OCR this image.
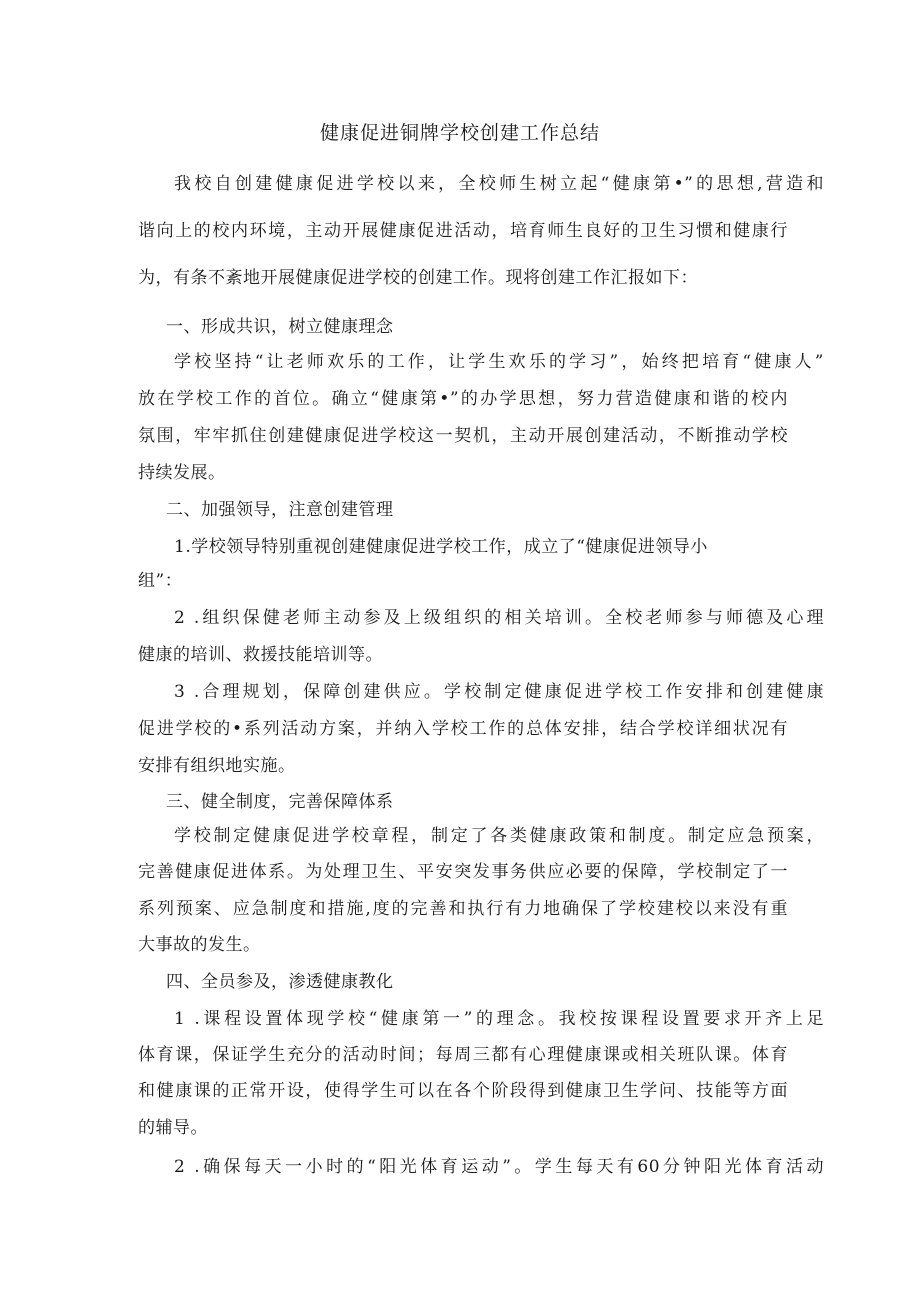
健康促进铜牌学校创建工作总结
我校自创建健康促进学校以来，全校师生树立起“健康第•”的思想,营造和
谐向上的校内环境，主动开展健康促进活动，培育师生良好的卫生习惯和健康行
为，有条不紊地开展健康促进学校的创建工作。现将创建工作汇报如下：
一、形成共识，树立健康理念
学校坚持“让老师欢乐的工作，让学生欢乐的学习”，始终把培育“健康人”
放在学校工作的首位。确立“健康第•”的办学思想，努力营造健康和谐的校内
氛围，牢牢抓住创建健康促进学校这一契机，主动开展创建活动，不断推动学校
持续发展。
二、加强领导，注意创建管理
1.学校领导特别重视创建健康促进学校工作，成立了“健康促进领导小
组”：
2 .组织保健老师主动参及上级组织的相关培训。全校老师参与师德及心理
健康的培训、救援技能培训等。
3 .合理规划，保障创建供应。学校制定健康促进学校工作安排和创建健康
促进学校的•系列活动方案，并纳入学校工作的总体安排，结合学校详细状况有
安排有组织地实施。
三、健全制度，完善保障体系
学校制定健康促进学校章程，制定了各类健康政策和制度。制定应急预案，
完善健康促进体系。为处理卫生、平安突发事务供应必要的保障，学校制定了一
系列预案、应急制度和措施,度的完善和执行有力地确保了学校建校以来没有重
大事故的发生。
四、全员参及，渗透健康教化
1 .课程设置体现学校“健康第一”的理念。我校按课程设置要求开齐上足
体育课，保证学生充分的活动时间；每周三都有心理健康课或相关班队课。体育
和健康课的正常开设，使得学生可以在各个阶段得到健康卫生学问、技能等方面
的辅导。
2 .确保每天一小时的“阳光体育运动”。学生每天有60分钟阳光体育活动
